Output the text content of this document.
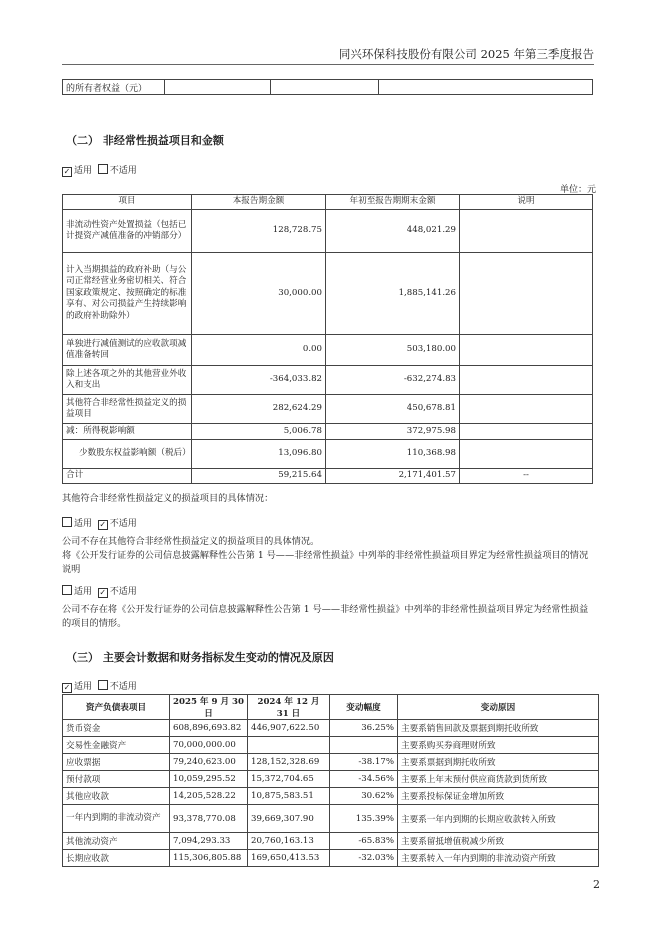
同兴环保科技股份有限公司 2025 年第三季度报告
的所有者权益（元）			
（二） 非经常性损益项目和金额
✓ 适用 不适用
单位：元
项目	本报告期金额	年初至报告期期末金额	说明
非流动性资产处置损益（包括已计提资产减值准备的冲销部分）	128,728.75	448,021.29	
计入当期损益的政府补助（与公司正常经营业务密切相关、符合国家政策规定、按照确定的标准享有、对公司损益产生持续影响的政府补助除外）	30,000.00	1,885,141.26	
单独进行减值测试的应收款项减值准备转回	0.00	503,180.00	
除上述各项之外的其他营业外收入和支出	-364,033.82	-632,274.83	
其他符合非经常性损益定义的损益项目	282,624.29	450,678.81	
减：所得税影响额	5,006.78	372,975.98	
少数股东权益影响额（税后）	13,096.80	110,368.98	
合计	59,215.64	2,171,401.57	--
其他符合非经常性损益定义的损益项目的具体情况：
适用 ✓ 不适用
公司不存在其他符合非经常性损益定义的损益项目的具体情况。
将《公开发行证券的公司信息披露解释性公告第 1 号——非经常性损益》中列举的非经常性损益项目界定为经常性损益项目的情况说明
适用 ✓ 不适用
公司不存在将《公开发行证券的公司信息披露解释性公告第 1 号——非经常性损益》中列举的非经常性损益项目界定为经常性损益的项目的情形。
（三） 主要会计数据和财务指标发生变动的情况及原因
✓ 适用 不适用
资产负债表项目	2025 年 9 月 30 日	2024 年 12 月 31 日	变动幅度	变动原因
货币资金	608,896,693.82	446,907,622.50	36.25%	主要系销售回款及票据到期托收所致
交易性金融资产	70,000,000.00			主要系购买券商理财所致
应收票据	79,240,623.00	128,152,328.69	-38.17%	主要系票据到期托收所致
预付款项	10,059,295.52	15,372,704.65	-34.56%	主要系上年末预付供应商货款到货所致
其他应收款	14,205,528.22	10,875,583.51	30.62%	主要系投标保证金增加所致
一年内到期的非流动资产	93,378,770.08	39,669,307.90	135.39%	主要系一年内到期的长期应收款转入所致
其他流动资产	7,094,293.33	20,760,163.13	-65.83%	主要系留抵增值税减少所致
长期应收款	115,306,805.88	169,650,413.53	-32.03%	主要系转入一年内到期的非流动资产所致
2
